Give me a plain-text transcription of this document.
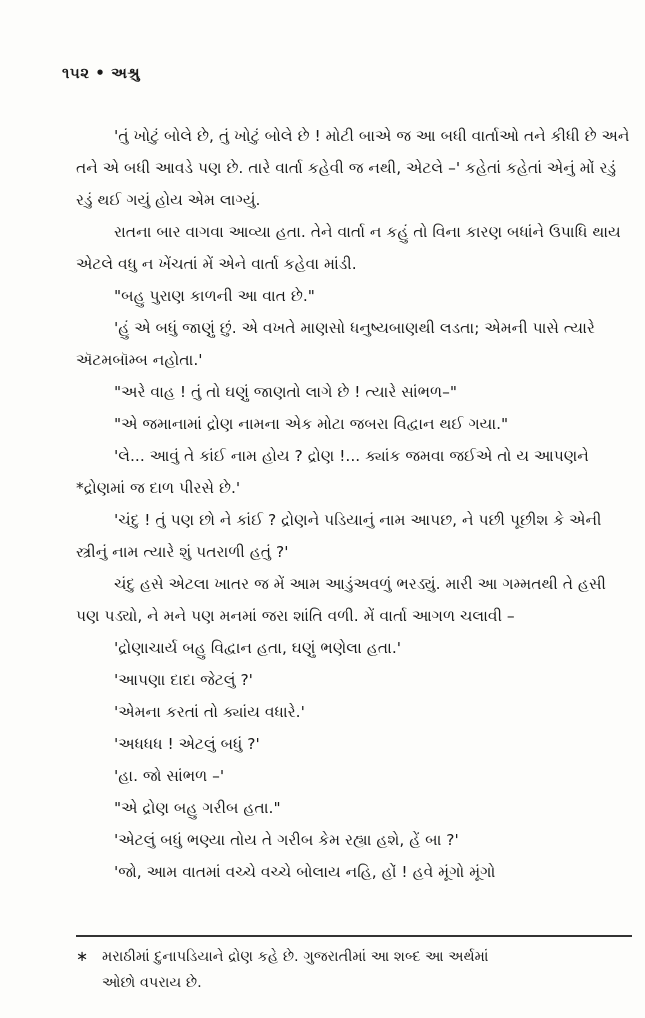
૧૫૨ • અશ્રુ

'તું ખોટું બોલે છે, તું ખોટું બોલે છે ! મોટી બાએ જ આ બધી વાર્તાઓ તને કીધી છે અને તને એ બધી આવડે પણ છે. તારે વાર્તા કહેવી જ નથી, એટલે –' કહેતાં કહેતાં એનું મોં રડું રડું થઈ ગયું હોય એમ લાગ્યું.

રાતના બાર વાગવા આવ્યા હતા. તેને વાર્તા ન કહું તો વિના કારણ બધાંને ઉપાધિ થાય એટલે વધુ ન ખેંચતાં મેં એને વાર્તા કહેવા માંડી.

"બહુ પુરાણ કાળની આ વાત છે."

'હું એ બધું જાણું છું. એ વખતે માણસો ધનુષ્યબાણથી લડતા; એમની પાસે ત્યારે ઍટમબૉમ્બ નહોતા.'

"અરે વાહ ! તું તો ઘણું જાણતો લાગે છે ! ત્યારે સાંભળ–"

"એ જમાનામાં દ્રોણ નામના એક મોટા જબરા વિદ્વાન થઈ ગયા."

'લે... આવું તે કાંઈ નામ હોય ? દ્રોણ !... ક્યાંક જમવા જઈએ તો ય આપણને *દ્રોણમાં જ દાળ પીરસે છે.'

'ચંદુ ! તું પણ છો ને કાંઈ ? દ્રોણને પડિયાનું નામ આપછ, ને પછી પૂછીશ કે એની સ્ત્રીનું નામ ત્યારે શું પતરાળી હતું ?'

ચંદુ હસે એટલા ખાતર જ મેં આમ આડુંઅવળું ભરડ્યું. મારી આ ગમ્મતથી તે હસી પણ પડ્યો, ને મને પણ મનમાં જરા શાંતિ વળી. મેં વાર્તા આગળ ચલાવી –

'દ્રોણાચાર્ય બહુ વિદ્વાન હતા, ઘણું ભણેલા હતા.'

'આપણા દાદા જેટલું ?'

'એમના કરતાં તો ક્યાંય વધારે.'

'અધધધ ! એટલું બધું ?'

'હા. જો સાંભળ –'

"એ દ્રોણ બહુ ગરીબ હતા."

'એટલું બધું ભણ્યા તોય તે ગરીબ કેમ રહ્યા હશે, હેં બા ?'

'જો, આમ વાતમાં વચ્ચે વચ્ચે બોલાય નહિ, હોં ! હવે મૂંગો મૂંગો

∗ મરાઠીમાં દુનાપડિયાને દ્રોણ કહે છે. ગુજરાતીમાં આ શબ્દ આ અર્થમાં
ઓછો વપરાય છે.
